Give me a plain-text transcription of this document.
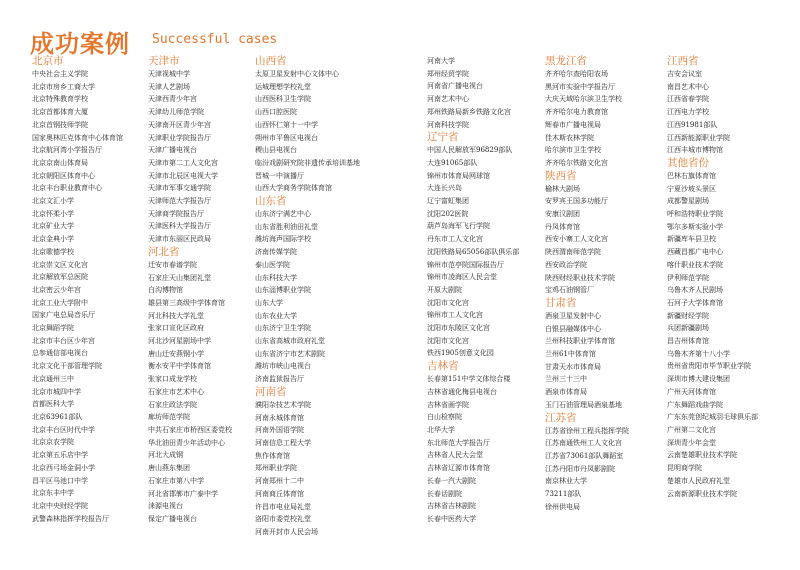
成功案例 Successful cases
北京市
中央社会主义学院
北京市房乡工商大学
北京特殊教育学校
北京首都体育大厦
北京首钢技师学院
国家奥林匹克体育中心体育馆
北京航河湾小学报告厅
北京京南山体育局
北京朝阳区体育中心
北京丰台职业教育中心
北京文汇小学
北京怀柔小学
北京矿业大学
北京金典小学
北京歌德学校
北京崇文区文化宫
北京解放军总医院
北京密云少年宫
北京工业大学附中
国家广电总局音乐厅
北京舞蹈学院
北京市丰台区少年宫
总参通信部电视台
北京文化干部管理学院
北京通州三中
北京市城四中学
首都医科大学
北京63961部队
北京丰台区时代中学
北京京农学院
北京第五乐店中学
北京西弓场金洞小学
昌平区马池口中学
北京东丰中学
北京中央财经学院
武警森林指挥学校报告厅
天津市
天津视城中学
天津人艺剧场
天津西青少年宫
天津幼儿师范学院
天津南开区青少年宫
天津职业学院报告厅
天津广播电视台
天津市第二工人文化宫
天津市北辰区电视大学
天津市军事交通学院
天津师范大学报告厅
天津商学院报告厅
天津医科大学报告厅
天津市东丽区民政局
河北省
迁安市春谱学院
石家庄天山集团礼堂
白沟博物馆
雄县第三高级中学体育馆
河北科技大学礼堂
张家口宣化区政府
河北沙河星剧场中学
唐山迁安燕钢小学
衡水安平中学体育馆
张家口成龙学校
石家庄市艺术中心
石家庄政法学院
廊坊师范学院
中共石家庄市桥西区委党校
华北油田青少年活动中心
河北大成钢
唐山燕东集团
石家庄市第八中学
河北省邯郸市广泰中学
涞源电视台
保定广播电视台
山西省
太原卫星发射中心文体中心
运城理想学校礼堂
山西医科卫生学院
山西口腔医院
山西怀仁第十一中学
朔州市平鲁区电视台
稷山县电视台
临汾戏剧研究院非遗传承培训基地
晋城一中演播厅
山西大学商务学院体育馆
山东省
山东济宁满艺中心
山东省胜利油田礼堂
潍坊海声国际学校
济南传媒学院
泰山医学院
山东科技大学
山东淄博职业学院
山东大学
山东农业大学
山东济宁卫生学院
山东省高城市政府礼堂
山东省济宁市艺术剧院
潍坊市峡山电视台
济南监狱报告厅
河南省
濮阳杂技艺术学院
河南永城体育馆
河南外国语学院
河南信息工程大学
焦作体育馆
郑州职业学院
河南郑州十二中
河南商丘体育馆
许昌市电业局礼堂
洛阳市委党校礼堂
河南开封市人民会场
河南大学
郑州经贸学院
河南省广播电视台
河南艺术中心
郑州铁路局新乡铁路文化宫
河南科技学院
辽宁省
中国人民解放军96829部队
大连91065部队
锦州市体育局网球馆
大连长兴岛
辽宁富虹集团
沈阳202医院
葫芦岛海军飞行学院
丹东市工人文化宫
沈阳铁路局65056部队俱乐部
锦州市范亭院国际报告厅
锦州市凌海区人民会堂
开原大剧院
沈阳市文化宫
锦州市工人文化宫
沈阳市东陵区文化宫
沈阳市文化宫
铁西1905创意文化园
吉林省
长春第151中学文体综合楼
吉林省通化梅县电视台
吉林省画学院
白山检察院
北华大学
东北师范大学报告厅
吉林省人民大会堂
吉林省辽源市体育馆
长春一汽大剧院
长春话剧院
吉林省吉林剧院
长春中医药大学
黑龙江省
齐齐哈尔查哈阳农场
黑河市实验中学报告厅
大庆天域哈尔滨卫生学校
齐齐哈尔电力教育馆
辉春市广播电视局
佳木斯农林学院
哈尔滨市卫生学校
齐齐哈尔铁路文化宫
陕西省
榆林大剧场
安罗宾王国多功能厅
安康汉剧团
丹凤体育馆
西安小寨工人文化宫
陕西渭南师范学院
西安政治学院
陕西财经职业技术学院
宝鸡石油钢管厂
甘肃省
酒泉卫星发射中心
白银县融媒体中心
兰州科技职业学体育馆
兰州61中体育馆
甘肃天水市体育局
兰州三十三中
酒泉市体育局
玉门石油管理局酒泉基地
江苏省
江苏省徐州工程兵指挥学院
江苏南通铁州工人文化宫
江苏省73061部队舞蹈室
江苏丹阳市丹凤影剧院
南京林业大学
73211部队
徐州供电局
江西省
吉安会议室
南昌艺术中心
江西省春学院
江西电力学校
江西91981部队
江西新能源职业学院
江西丰城市博物馆
其他省份
巴林右旗体育馆
宁夏沙坡头景区
成都警星剧场
呼和浩特职业学院
鄂尔多斯实验小学
新疆库车县卫校
西藏昌都广电中心
喀什职业技术学院
伊利师范学院
乌鲁木齐人民剧场
石河子大学体育馆
新疆财经学院
兵团新疆剧场
昌吉州体育馆
乌鲁木齐第十八小学
贵州省贵阳市毕节职业学院
深圳市博大建设集团
广州天河体育馆
广东舞蹈戏曲学院
广东东莞创纪城羽毛球俱乐部
广州第二文化宫
深圳青少年会堂
云南楚雄职业技术学院
昆明商学院
楚雄市人民政府礼堂
云南新源职业技术学院
